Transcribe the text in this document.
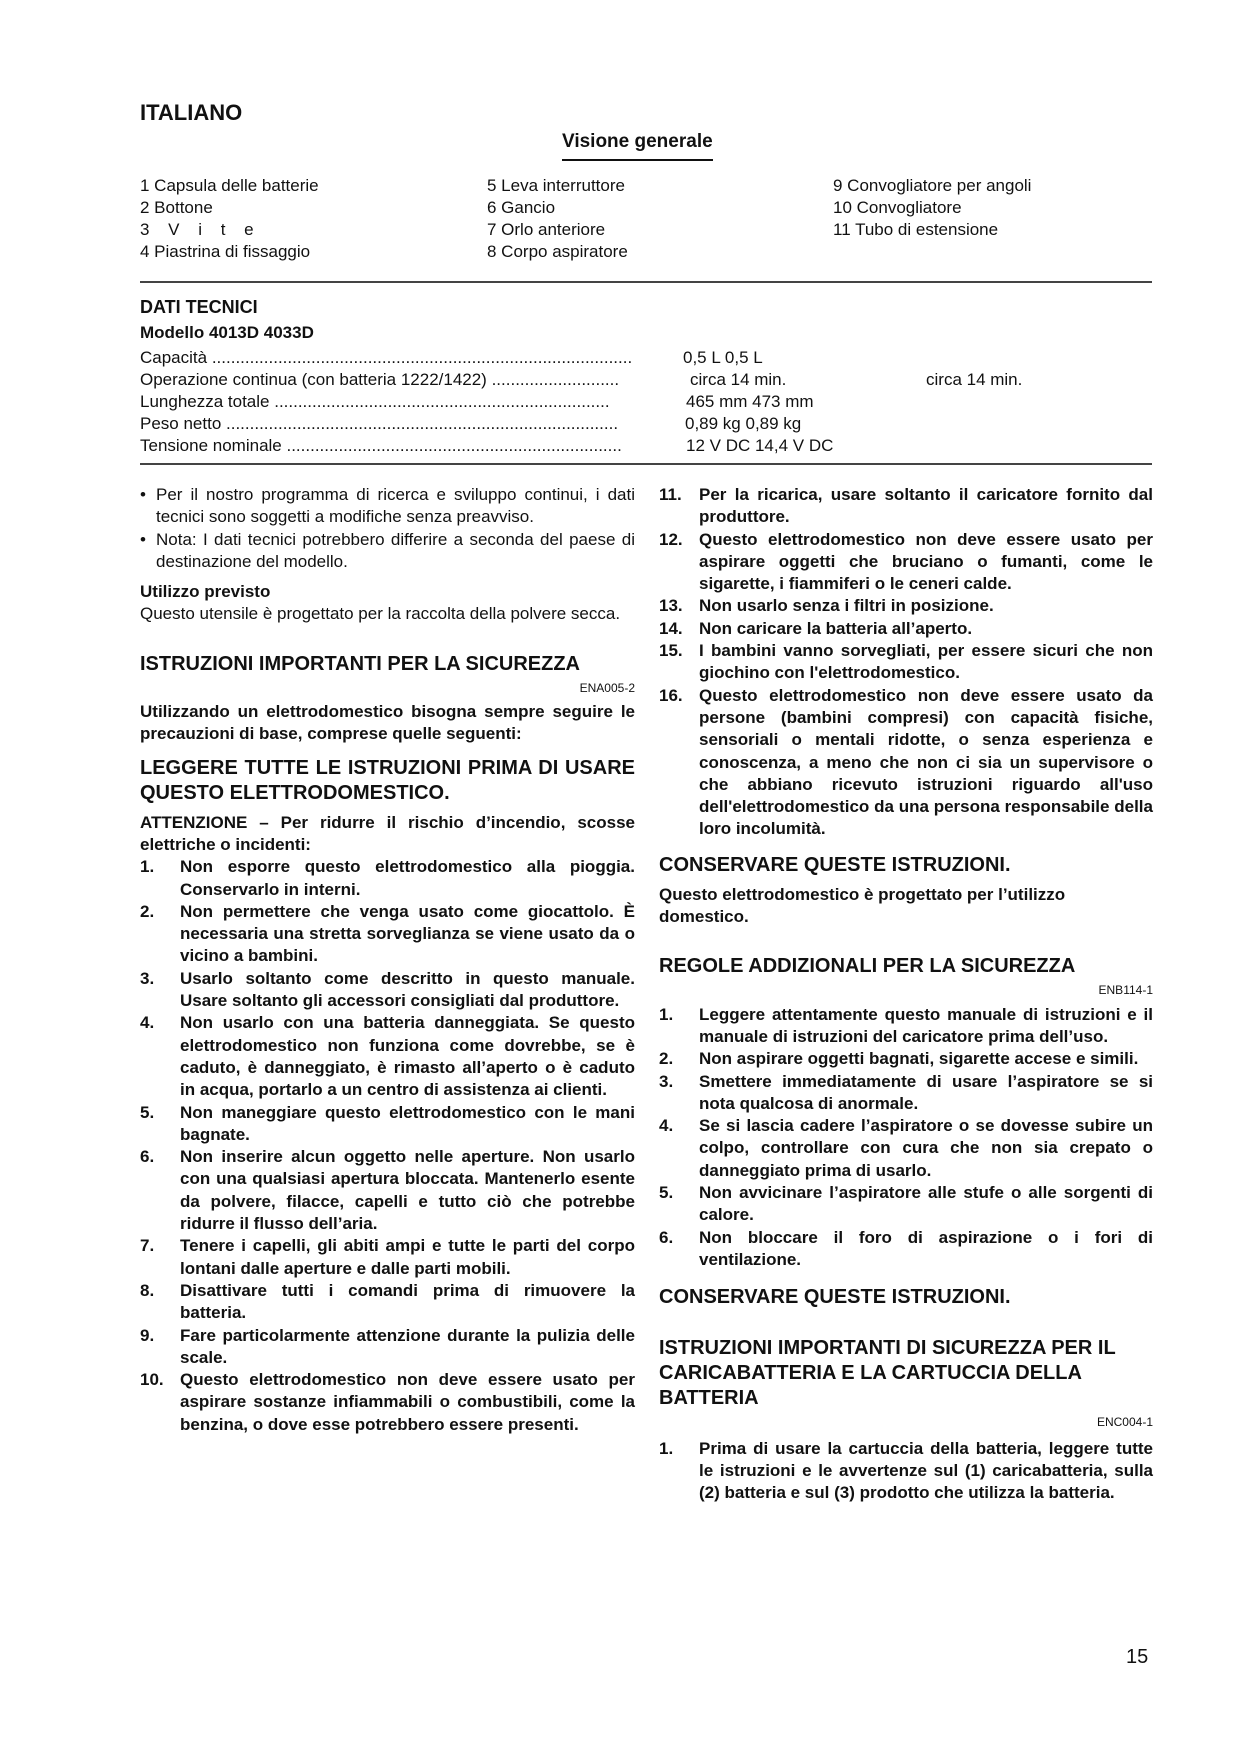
ITALIANO
Visione generale
1 Capsula delle batterie
2 Bottone
3 V i t e
4 Piastrina di fissaggio
5 Leva interruttore
6 Gancio
7 Orlo anteriore
8 Corpo aspiratore
9 Convogliatore per angoli
10 Convogliatore
11 Tubo di estensione
DATI TECNICI
Modello 4013D 4033D
Capacità .........................................................................................	0,5 L 0,5 L
Operazione continua (con batteria 1222/1422) ...........................	circa 14 min.	circa 14 min.
Lunghezza totale .......................................................................	465 mm 473 mm
Peso netto ...................................................................................	0,89 kg 0,89 kg
Tensione nominale .......................................................................	12 V DC 14,4 V DC
• Per il nostro programma di ricerca e sviluppo continui, i dati tecnici sono soggetti a modifiche senza preavviso.
• Nota: I dati tecnici potrebbero differire a seconda del paese di destinazione del modello.
Utilizzo previsto
Questo utensile è progettato per la raccolta della polvere secca.
ISTRUZIONI IMPORTANTI PER LA SICUREZZA
ENA005-2
Utilizzando un elettrodomestico bisogna sempre seguire le precauzioni di base, comprese quelle seguenti:
LEGGERE TUTTE LE ISTRUZIONI PRIMA DI USARE QUESTO ELETTRODOMESTICO.
ATTENZIONE – Per ridurre il rischio d’incendio, scosse elettriche o incidenti:
1.	Non esporre questo elettrodomestico alla pioggia. Conservarlo in interni.
2.	Non permettere che venga usato come giocattolo. È necessaria una stretta sorveglianza se viene usato da o vicino a bambini.
3.	Usarlo soltanto come descritto in questo manuale. Usare soltanto gli accessori consigliati dal produttore.
4.	Non usarlo con una batteria danneggiata. Se questo elettrodomestico non funziona come dovrebbe, se è caduto, è danneggiato, è rimasto all’aperto o è caduto in acqua, portarlo a un centro di assistenza ai clienti.
5.	Non maneggiare questo elettrodomestico con le mani bagnate.
6.	Non inserire alcun oggetto nelle aperture. Non usarlo con una qualsiasi apertura bloccata. Mantenerlo esente da polvere, filacce, capelli e tutto ciò che potrebbe ridurre il flusso dell’aria.
7.	Tenere i capelli, gli abiti ampi e tutte le parti del corpo lontani dalle aperture e dalle parti mobili.
8.	Disattivare tutti i comandi prima di rimuovere la batteria.
9.	Fare particolarmente attenzione durante la pulizia delle scale.
10. Questo elettrodomestico non deve essere usato per aspirare sostanze infiammabili o combustibili, come la benzina, o dove esse potrebbero essere presenti.
11.	Per la ricarica, usare soltanto il caricatore fornito dal produttore.
12. Questo elettrodomestico non deve essere usato per aspirare oggetti che bruciano o fumanti, come le sigarette, i fiammiferi o le ceneri calde.
13. Non usarlo senza i filtri in posizione.
14. Non caricare la batteria all’aperto.
15. I bambini vanno sorvegliati, per essere sicuri che non giochino con l'elettrodomestico.
16. Questo elettrodomestico non deve essere usato da persone (bambini compresi) con capacità fisiche, sensoriali o mentali ridotte, o senza esperienza e conoscenza, a meno che non ci sia un supervisore o che abbiano ricevuto istruzioni riguardo all'uso dell'elettrodomestico da una persona responsabile della loro incolumità.
CONSERVARE QUESTE ISTRUZIONI.
Questo elettrodomestico è progettato per l’utilizzo domestico.
REGOLE ADDIZIONALI PER LA SICUREZZA
ENB114-1
1.	Leggere attentamente questo manuale di istruzioni e il manuale di istruzioni del caricatore prima dell’uso.
2.	Non aspirare oggetti bagnati, sigarette accese e simili.
3.	Smettere immediatamente di usare l’aspiratore se si nota qualcosa di anormale.
4.	Se si lascia cadere l’aspiratore o se dovesse subire un colpo, controllare con cura che non sia crepato o danneggiato prima di usarlo.
5.	Non avvicinare l’aspiratore alle stufe o alle sorgenti di calore.
6.	Non bloccare il foro di aspirazione o i fori di ventilazione.
CONSERVARE QUESTE ISTRUZIONI.
ISTRUZIONI IMPORTANTI DI SICUREZZA PER IL CARICABATTERIA E LA CARTUCCIA DELLA BATTERIA
ENC004-1
1.	Prima di usare la cartuccia della batteria, leggere tutte le istruzioni e le avvertenze sul (1) caricabatteria, sulla (2) batteria e sul (3) prodotto che utilizza la batteria.
15
